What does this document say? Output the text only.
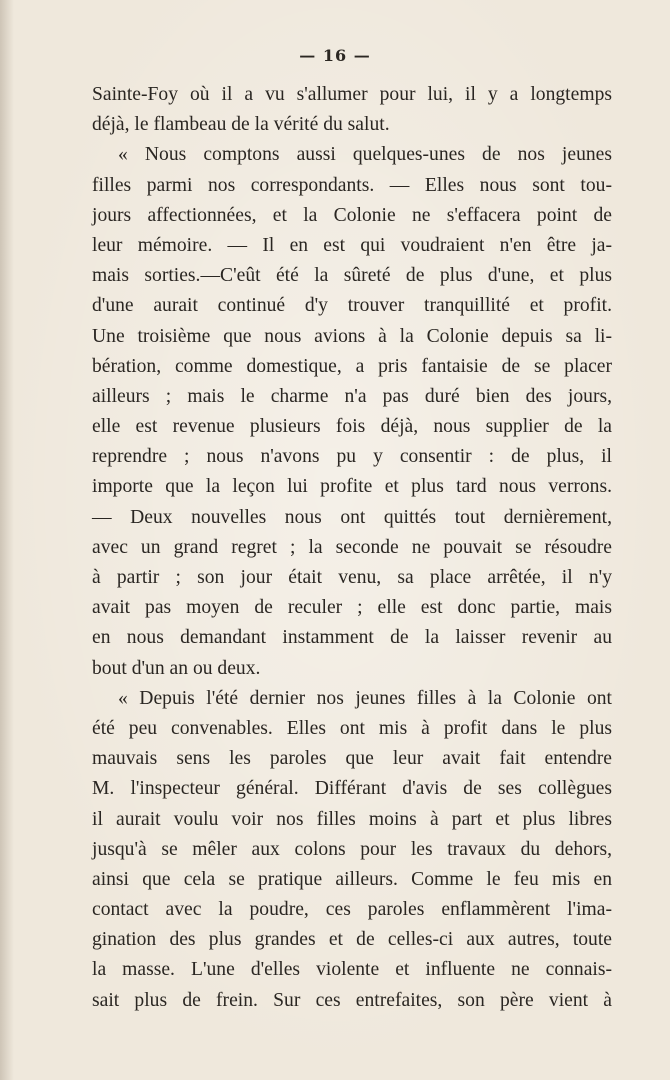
— 16 —
Sainte-Foy où il a vu s'allumer pour lui, il y a longtemps
déjà, le flambeau de la vérité du salut.
« Nous comptons aussi quelques-unes de nos jeunes
filles parmi nos correspondants. — Elles nous sont tou-
jours affectionnées, et la Colonie ne s'effacera point de
leur mémoire. — Il en est qui voudraient n'en être ja-
mais sorties.—C'eût été la sûreté de plus d'une, et plus
d'une aurait continué d'y trouver tranquillité et profit.
Une troisième que nous avions à la Colonie depuis sa li-
bération, comme domestique, a pris fantaisie de se placer
ailleurs ; mais le charme n'a pas duré bien des jours,
elle est revenue plusieurs fois déjà, nous supplier de la
reprendre ; nous n'avons pu y consentir : de plus, il
importe que la leçon lui profite et plus tard nous verrons.
— Deux nouvelles nous ont quittés tout dernièrement,
avec un grand regret ; la seconde ne pouvait se résoudre
à partir ; son jour était venu, sa place arrêtée, il n'y
avait pas moyen de reculer ; elle est donc partie, mais
en nous demandant instamment de la laisser revenir au
bout d'un an ou deux.
« Depuis l'été dernier nos jeunes filles à la Colonie ont
été peu convenables. Elles ont mis à profit dans le plus
mauvais sens les paroles que leur avait fait entendre
M. l'inspecteur général. Différant d'avis de ses collègues
il aurait voulu voir nos filles moins à part et plus libres
jusqu'à se mêler aux colons pour les travaux du dehors,
ainsi que cela se pratique ailleurs. Comme le feu mis en
contact avec la poudre, ces paroles enflammèrent l'ima-
gination des plus grandes et de celles-ci aux autres, toute
la masse. L'une d'elles violente et influente ne connais-
sait plus de frein. Sur ces entrefaites, son père vient à
